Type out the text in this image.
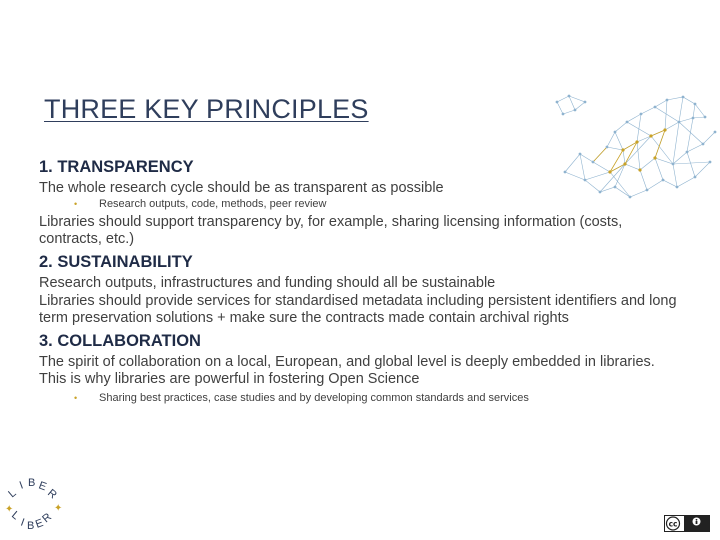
THREE KEY PRINCIPLES
1. TRANSPARENCY
The whole research cycle should be as transparent as possible
• Research outputs, code, methods, peer review
Libraries should support transparency by, for example, sharing licensing information (costs, contracts, etc.)
2. SUSTAINABILITY
Research outputs, infrastructures and funding should all be sustainable
Libraries should provide services for standardised metadata including persistent identifiers and long term preservation solutions + make sure the contracts made contain archival rights
3. COLLABORATION
The spirit of collaboration on a local, European, and global level is deeply embedded in libraries. This is why libraries are powerful in fostering Open Science
• Sharing best practices, case studies and by developing common standards and services
L
I B E
R
L
I B E
R
✦	✦
cc
